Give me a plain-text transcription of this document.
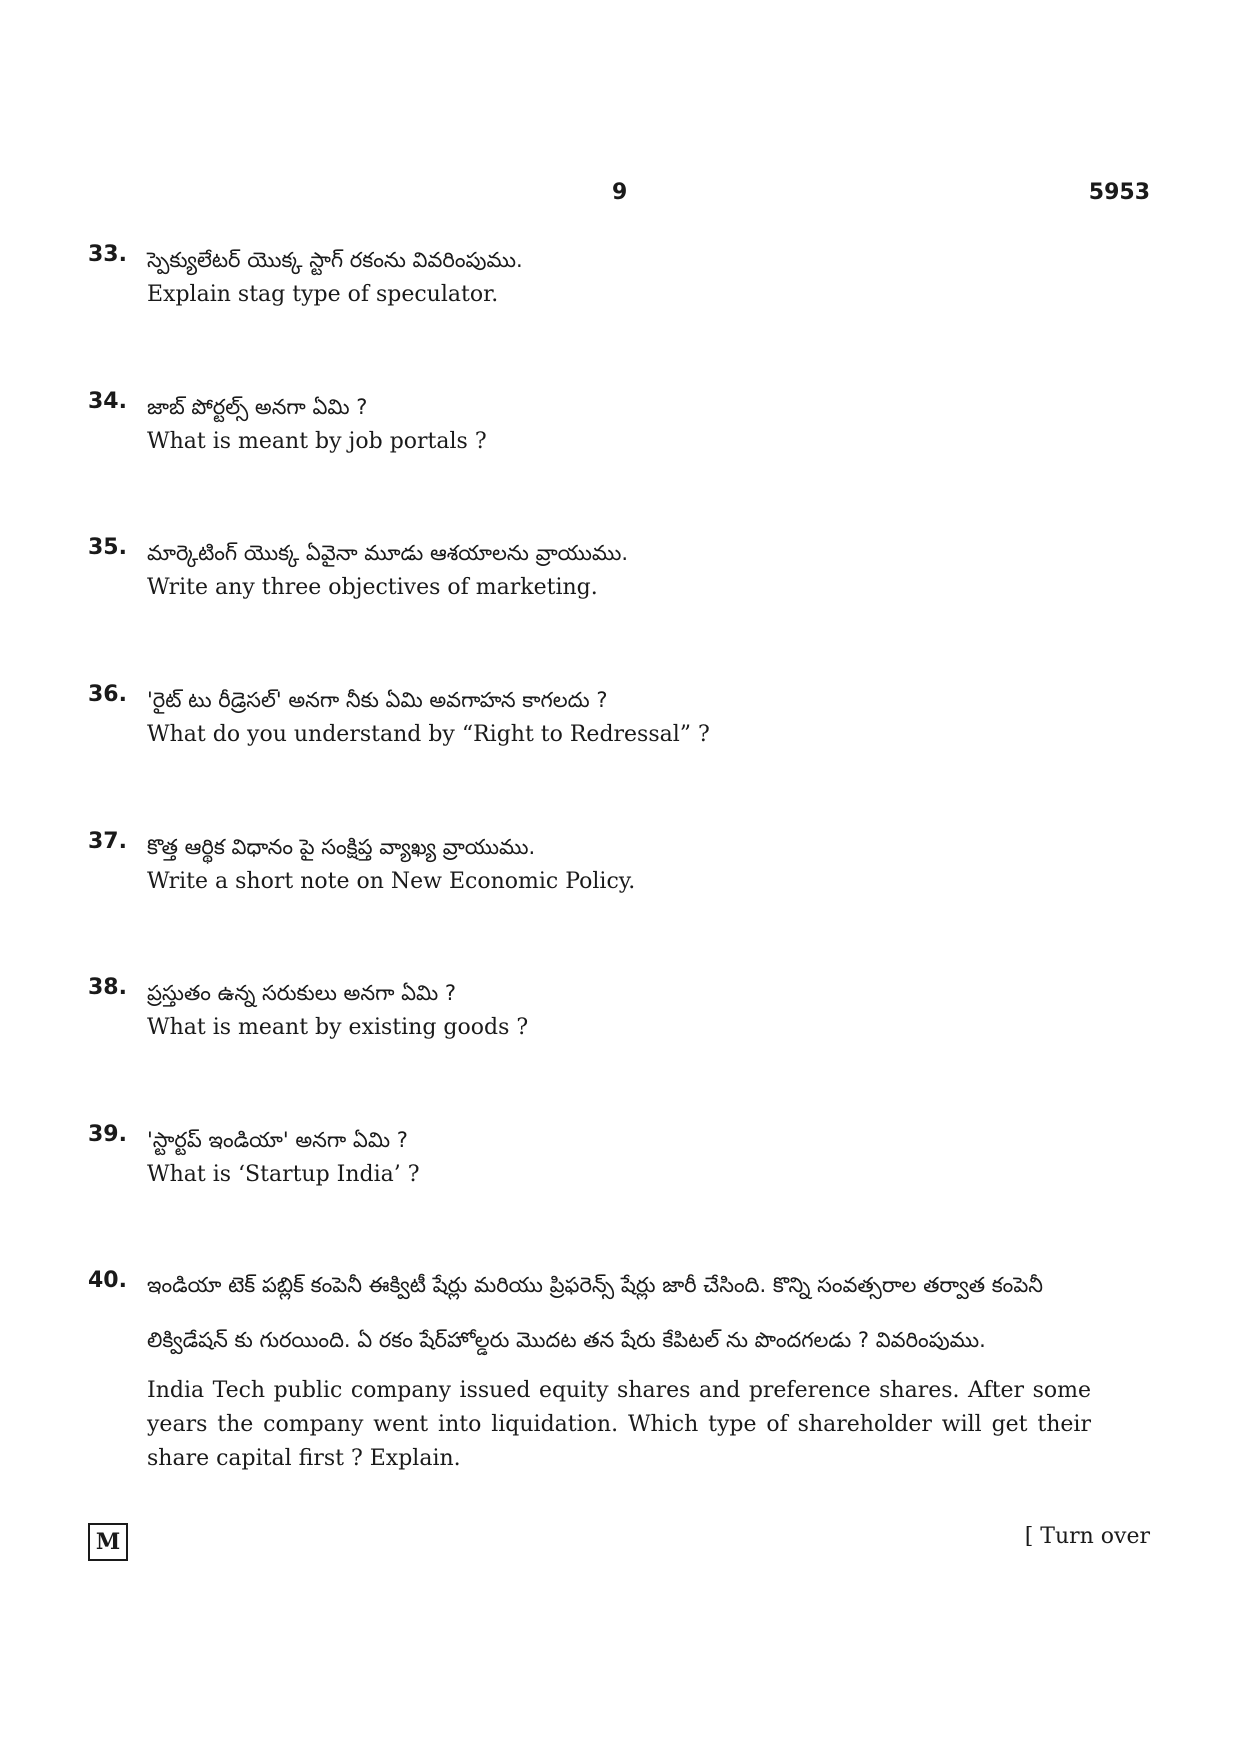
9	5953
33. స్పెక్యులేటర్ యొక్క స్టాగ్ రకంను వివరింపుము.
Explain stag type of speculator.
34. జాబ్ పోర్టల్స్ అనగా ఏమి ?
What is meant by job portals ?
35. మార్కెటింగ్ యొక్క ఏవైనా మూడు ఆశయాలను వ్రాయుము.
Write any three objectives of marketing.
36. 'రైట్ టు రీడ్రెసల్' అనగా నీకు ఏమి అవగాహన కాగలదు ?
What do you understand by “Right to Redressal” ?
37. కొత్త ఆర్థిక విధానం పై సంక్షిప్త వ్యాఖ్య వ్రాయుము.
Write a short note on New Economic Policy.
38. ప్రస్తుతం ఉన్న సరుకులు అనగా ఏమి ?
What is meant by existing goods ?
39. 'స్టార్టప్ ఇండియా' అనగా ఏమి ?
What is ‘Startup India’ ?
40. ఇండియా టెక్ పబ్లిక్ కంపెనీ ఈక్విటీ షేర్లు మరియు ప్రిఫరెన్స్ షేర్లు జారీ చేసింది. కొన్ని సంవత్సరాల తర్వాత కంపెనీ లిక్విడేషన్ కు గురయింది. ఏ రకం షేర్‌హోల్డరు మొదట తన షేరు కేపిటల్ ను పొందగలడు ? వివరింపుము.
India Tech public company issued equity shares and preference shares. After some years the company went into liquidation. Which type of shareholder will get their share capital first ? Explain.
M	[ Turn over
